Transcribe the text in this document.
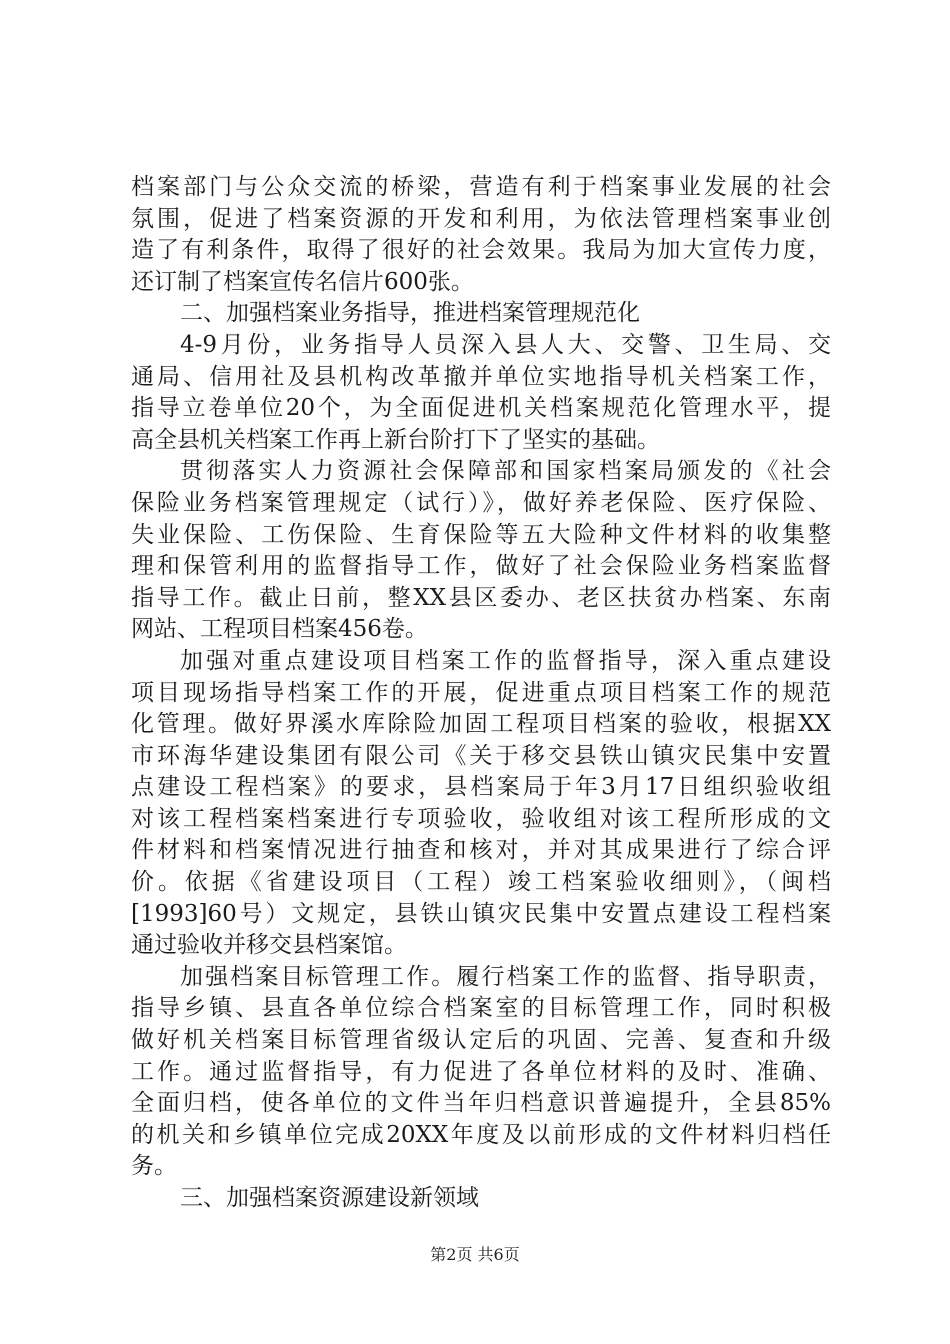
档案部门与公众交流的桥梁，营造有利于档案事业发展的社会
氛围，促进了档案资源的开发和利用，为依法管理档案事业创
造了有利条件，取得了很好的社会效果。我局为加大宣传力度，
还订制了档案宣传名信片600张。
二、加强档案业务指导，推进档案管理规范化
4-9月份，业务指导人员深入县人大、交警、卫生局、交
通局、信用社及县机构改革撤并单位实地指导机关档案工作，
指导立卷单位20个，为全面促进机关档案规范化管理水平，提
高全县机关档案工作再上新台阶打下了坚实的基础。
贯彻落实人力资源社会保障部和国家档案局颁发的《社会
保险业务档案管理规定（试行）》，做好养老保险、医疗保险、
失业保险、工伤保险、生育保险等五大险种文件材料的收集整
理和保管利用的监督指导工作，做好了社会保险业务档案监督
指导工作。截止日前，整XX县区委办、老区扶贫办档案、东南
网站、工程项目档案456卷。
加强对重点建设项目档案工作的监督指导，深入重点建设
项目现场指导档案工作的开展，促进重点项目档案工作的规范
化管理。做好界溪水库除险加固工程项目档案的验收，根据XX
市环海华建设集团有限公司《关于移交县铁山镇灾民集中安置
点建设工程档案》的要求，县档案局于年3月17日组织验收组
对该工程档案档案进行专项验收，验收组对该工程所形成的文
件材料和档案情况进行抽查和核对，并对其成果进行了综合评
价。依据《省建设项目（工程）竣工档案验收细则》，（闽档
[1993]60号）文规定，县铁山镇灾民集中安置点建设工程档案
通过验收并移交县档案馆。
加强档案目标管理工作。履行档案工作的监督、指导职责，
指导乡镇、县直各单位综合档案室的目标管理工作，同时积极
做好机关档案目标管理省级认定后的巩固、完善、复查和升级
工作。通过监督指导，有力促进了各单位材料的及时、准确、
全面归档，使各单位的文件当年归档意识普遍提升，全县85%
的机关和乡镇单位完成20XX年度及以前形成的文件材料归档任
务。
三、加强档案资源建设新领域
第2页 共6页
